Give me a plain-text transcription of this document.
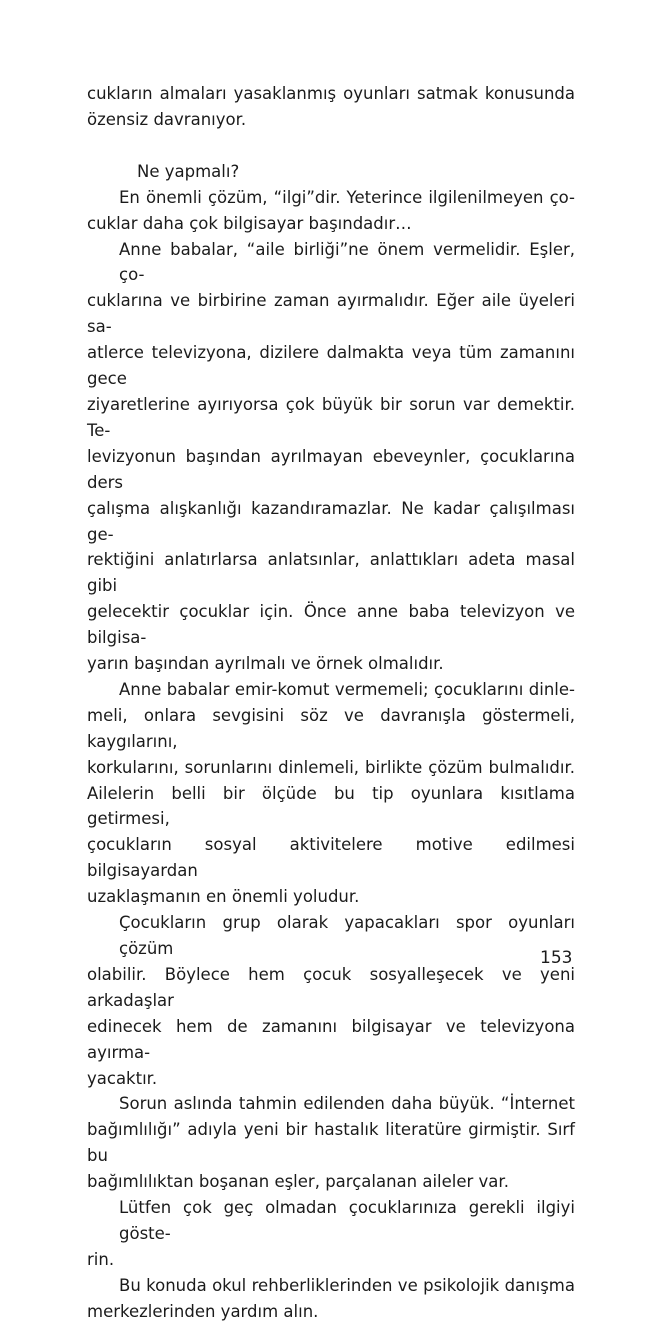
cukların almaları yasaklanmış oyunları satmak konusunda
özensiz davranıyor.

Ne yapmalı?

En önemli çözüm, “ilgi”dir. Yeterince ilgilenilmeyen ço-
cuklar daha çok bilgisayar başındadır…

Anne babalar, “aile birliği”ne önem vermelidir. Eşler, ço-
cuklarına ve birbirine zaman ayırmalıdır. Eğer aile üyeleri sa-
atlerce televizyona, dizilere dalmakta veya tüm zamanını gece
ziyaretlerine ayırıyorsa çok büyük bir sorun var demektir. Te-
levizyonun başından ayrılmayan ebeveynler, çocuklarına ders
çalışma alışkanlığı kazandıramazlar. Ne kadar çalışılması ge-
rektiğini anlatırlarsa anlatsınlar, anlattıkları adeta masal gibi
gelecektir çocuklar için. Önce anne baba televizyon ve bilgisa-
yarın başından ayrılmalı ve örnek olmalıdır.

Anne babalar emir-komut vermemeli; çocuklarını dinle-
meli, onlara sevgisini söz ve davranışla göstermeli, kaygılarını,
korkularını, sorunlarını dinlemeli, birlikte çözüm bulmalıdır.
Ailelerin belli bir ölçüde bu tip oyunlara kısıtlama getirmesi,
çocukların sosyal aktivitelere motive edilmesi bilgisayardan
uzaklaşmanın en önemli yoludur.

Çocukların grup olarak yapacakları spor oyunları çözüm
olabilir. Böylece hem çocuk sosyalleşecek ve yeni arkadaşlar
edinecek hem de zamanını bilgisayar ve televizyona ayırma-
yacaktır.

Sorun aslında tahmin edilenden daha büyük. “İnternet
bağımlılığı” adıyla yeni bir hastalık literatüre girmiştir. Sırf bu
bağımlılıktan boşanan eşler, parçalanan aileler var.

Lütfen çok geç olmadan çocuklarınıza gerekli ilgiyi göste-
rin.

Bu konuda okul rehberliklerinden ve psikolojik danışma
merkezlerinden yardım alın.

153
